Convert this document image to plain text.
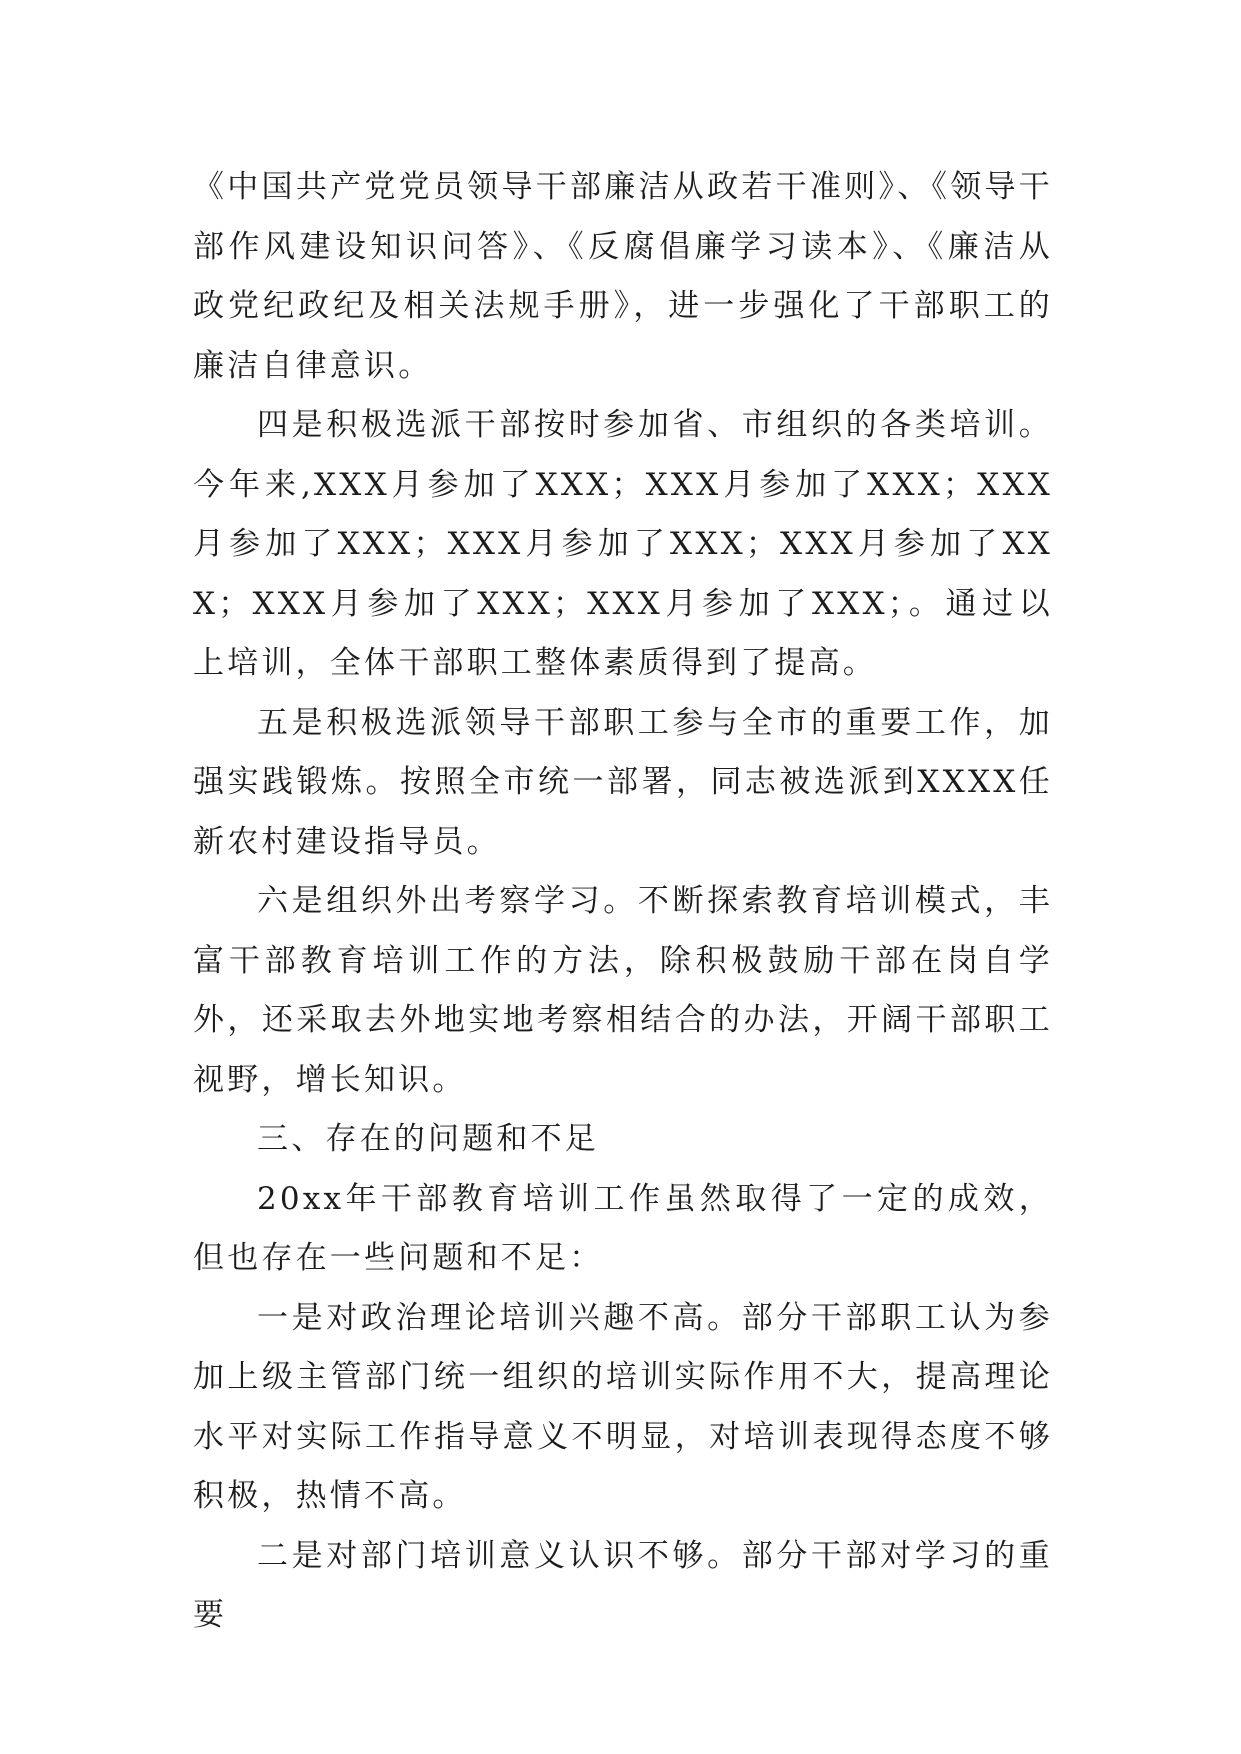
《中国共产党党员领导干部廉洁从政若干准则》、《领导干部作风建设知识问答》、《反腐倡廉学习读本》、《廉洁从政党纪政纪及相关法规手册》，进一步强化了干部职工的廉洁自律意识。

四是积极选派干部按时参加省、市组织的各类培训。今年来,XXX月参加了XXX；XXX月参加了XXX；XXX月参加了XXX；XXX月参加了XXX；XXX月参加了XXX；XXX月参加了XXX；XXX月参加了XXX；。通过以上培训，全体干部职工整体素质得到了提高。

五是积极选派领导干部职工参与全市的重要工作，加强实践锻炼。按照全市统一部署，同志被选派到XXXX任新农村建设指导员。

六是组织外出考察学习。不断探索教育培训模式，丰富干部教育培训工作的方法，除积极鼓励干部在岗自学外，还采取去外地实地考察相结合的办法，开阔干部职工视野，增长知识。

三、存在的问题和不足

20xx年干部教育培训工作虽然取得了一定的成效，但也存在一些问题和不足：

一是对政治理论培训兴趣不高。部分干部职工认为参加上级主管部门统一组织的培训实际作用不大，提高理论水平对实际工作指导意义不明显，对培训表现得态度不够积极，热情不高。

二是对部门培训意义认识不够。部分干部对学习的重要
